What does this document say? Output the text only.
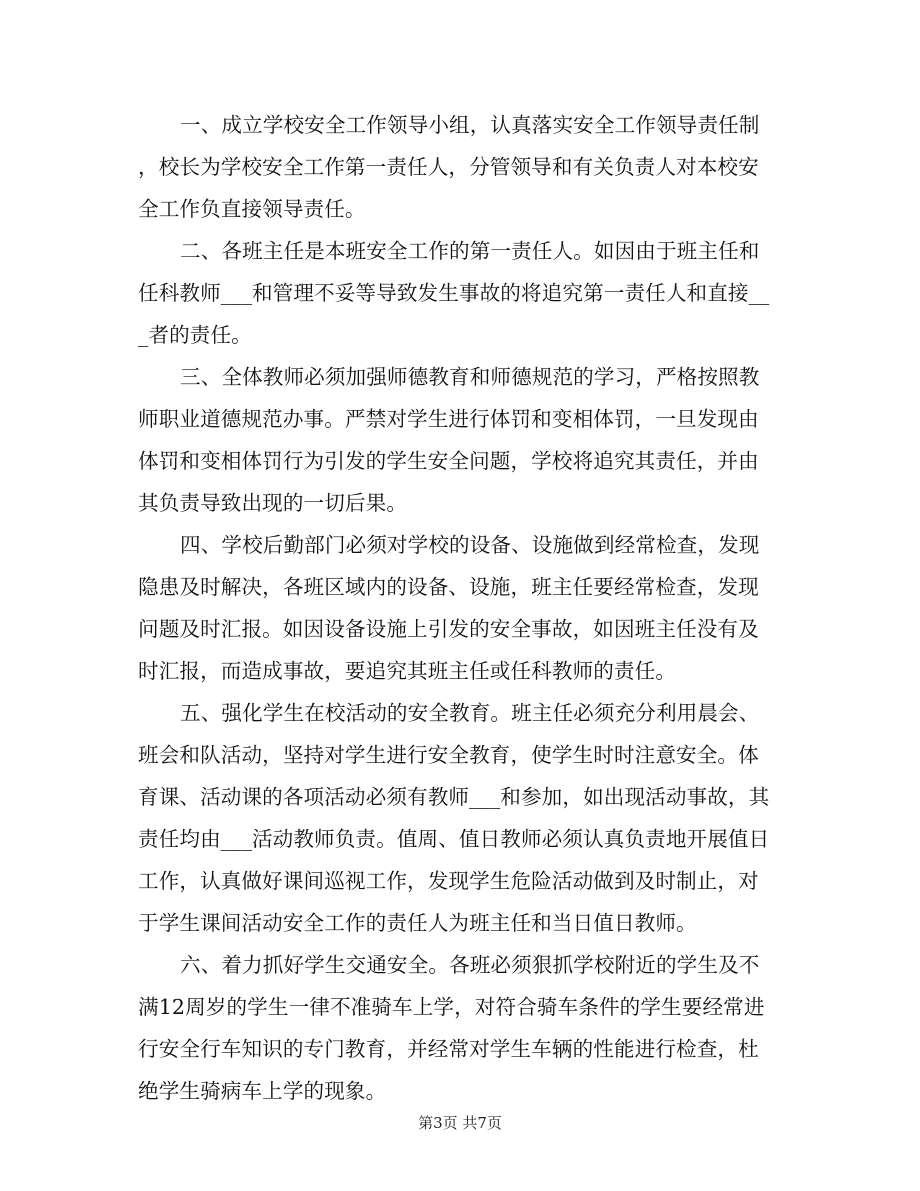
一、成立学校安全工作领导小组，认真落实安全工作领导责任制
，校长为学校安全工作第一责任人，分管领导和有关负责人对本校安
全工作负直接领导责任。
二、各班主任是本班安全工作的第一责任人。如因由于班主任和
任科教师___和管理不妥等导致发生事故的将追究第一责任人和直接__
_者的责任。
三、全体教师必须加强师德教育和师德规范的学习，严格按照教
师职业道德规范办事。严禁对学生进行体罚和变相体罚，一旦发现由
体罚和变相体罚行为引发的学生安全问题，学校将追究其责任，并由
其负责导致出现的一切后果。
四、学校后勤部门必须对学校的设备、设施做到经常检查，发现
隐患及时解决，各班区域内的设备、设施，班主任要经常检查，发现
问题及时汇报。如因设备设施上引发的安全事故，如因班主任没有及
时汇报，而造成事故，要追究其班主任或任科教师的责任。
五、强化学生在校活动的安全教育。班主任必须充分利用晨会、
班会和队活动，坚持对学生进行安全教育，使学生时时注意安全。体
育课、活动课的各项活动必须有教师___和参加，如出现活动事故，其
责任均由___活动教师负责。值周、值日教师必须认真负责地开展值日
工作，认真做好课间巡视工作，发现学生危险活动做到及时制止，对
于学生课间活动安全工作的责任人为班主任和当日值日教师。
六、着力抓好学生交通安全。各班必须狠抓学校附近的学生及不
满12周岁的学生一律不准骑车上学，对符合骑车条件的学生要经常进
行安全行车知识的专门教育，并经常对学生车辆的性能进行检查，杜
绝学生骑病车上学的现象。
第3页 共7页
